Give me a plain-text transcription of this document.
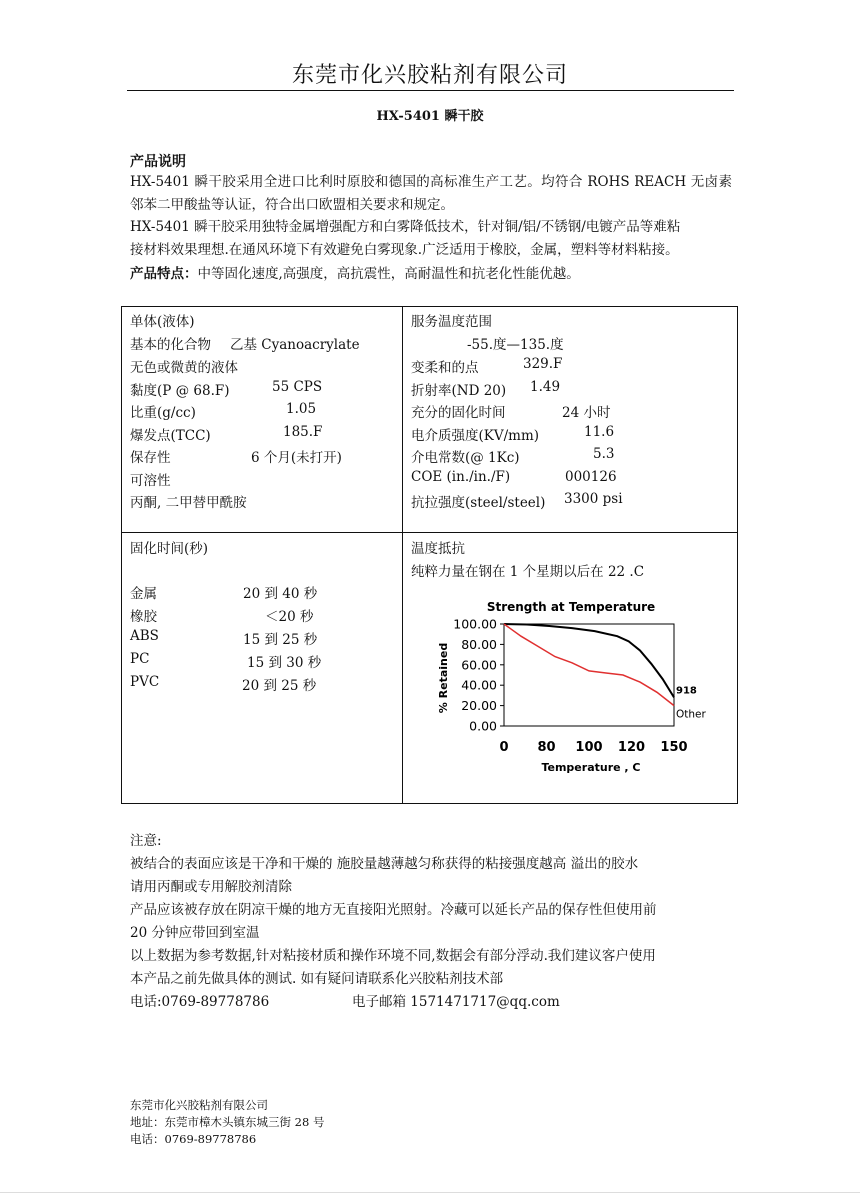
东莞市化兴胶粘剂有限公司
HX-5401 瞬干胶
产品说明
HX-5401 瞬干胶采用全进口比利时原胶和德国的高标准生产工艺。均符合 ROHS REACH 无卤素 邻苯二甲酸盐等认证，符合出口欧盟相关要求和规定。
HX-5401 瞬干胶采用独特金属增强配方和白雾降低技术，针对铜/铝/不锈钢/电镀产品等难粘
接材料效果理想.在通风环境下有效避免白雾现象.广泛适用于橡胶，金属，塑料等材料粘接。
产品特点：中等固化速度,高强度，高抗震性，高耐温性和抗老化性能优越。
单体(液体)
基本的化合物 乙基 Cyanoacrylate
无色或微黄的液体
黏度(P @ 68.F)	55 CPS
比重(g/cc)	1.05
爆发点(TCC)	185.F
保存性	6 个月(未打开)
可溶性
丙酮, 二甲替甲酰胺
服务温度范围
-55.度—135.度
变柔和的点	329.F
折射率(ND 20) 1.49
充分的固化时间	24 小时
电介质强度(KV/mm)	11.6
介电常数(@ 1Kc)	5.3
COE (in./in./F)	000126
抗拉强度(steel/steel) 3300 psi
固化时间(秒)
金属	20 到 40 秒
橡胶	＜20 秒
ABS	15 到 25 秒
PC	15 到 30 秒
PVC	20 到 25 秒
温度抵抗
纯粹力量在钢在 1 个星期以后在 22 .C
Strength at Temperature
100.00
80.00
60.00
40.00
20.00
0.00
0 80 100 120 150
918
Other
% Retained
Temperature , C
注意:
被结合的表面应该是干净和干燥的 施胶量越薄越匀称获得的粘接强度越高 溢出的胶水
请用丙酮或专用解胶剂清除
产品应该被存放在阴凉干燥的地方无直接阳光照射。冷藏可以延长产品的保存性但使用前
20 分钟应带回到室温
以上数据为参考数据,针对粘接材质和操作环境不同,数据会有部分浮动.我们建议客户使用
本产品之前先做具体的测试. 如有疑问请联系化兴胶粘剂技术部
电话:0769-89778786	电子邮箱 1571471717@qq.com
东莞市化兴胶粘剂有限公司
地址：东莞市樟木头镇东城三街 28 号
电话：0769-89778786
